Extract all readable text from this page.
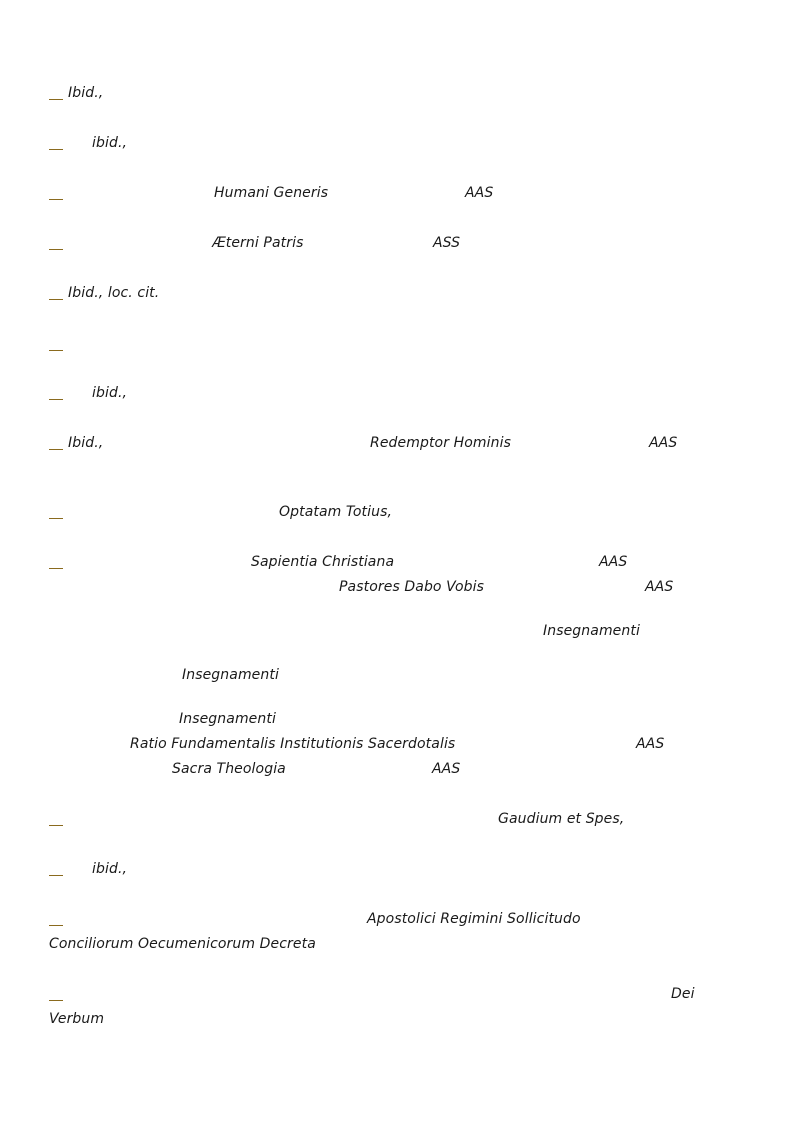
Ibid.,
ibid.,
Humani Generis	AAS
Æterni Patris	ASS
Ibid., loc. cit.
ibid.,
Ibid.,	Redemptor Hominis	AAS
Optatam Totius,
Sapientia Christiana	AAS
Pastores Dabo Vobis	AAS
Insegnamenti
Insegnamenti
Insegnamenti
Ratio Fundamentalis Institutionis Sacerdotalis	AAS
Sacra Theologia	AAS
Gaudium et Spes,
ibid.,
Apostolici Regimini Sollicitudo
Conciliorum Oecumenicorum Decreta
Dei
Verbum
